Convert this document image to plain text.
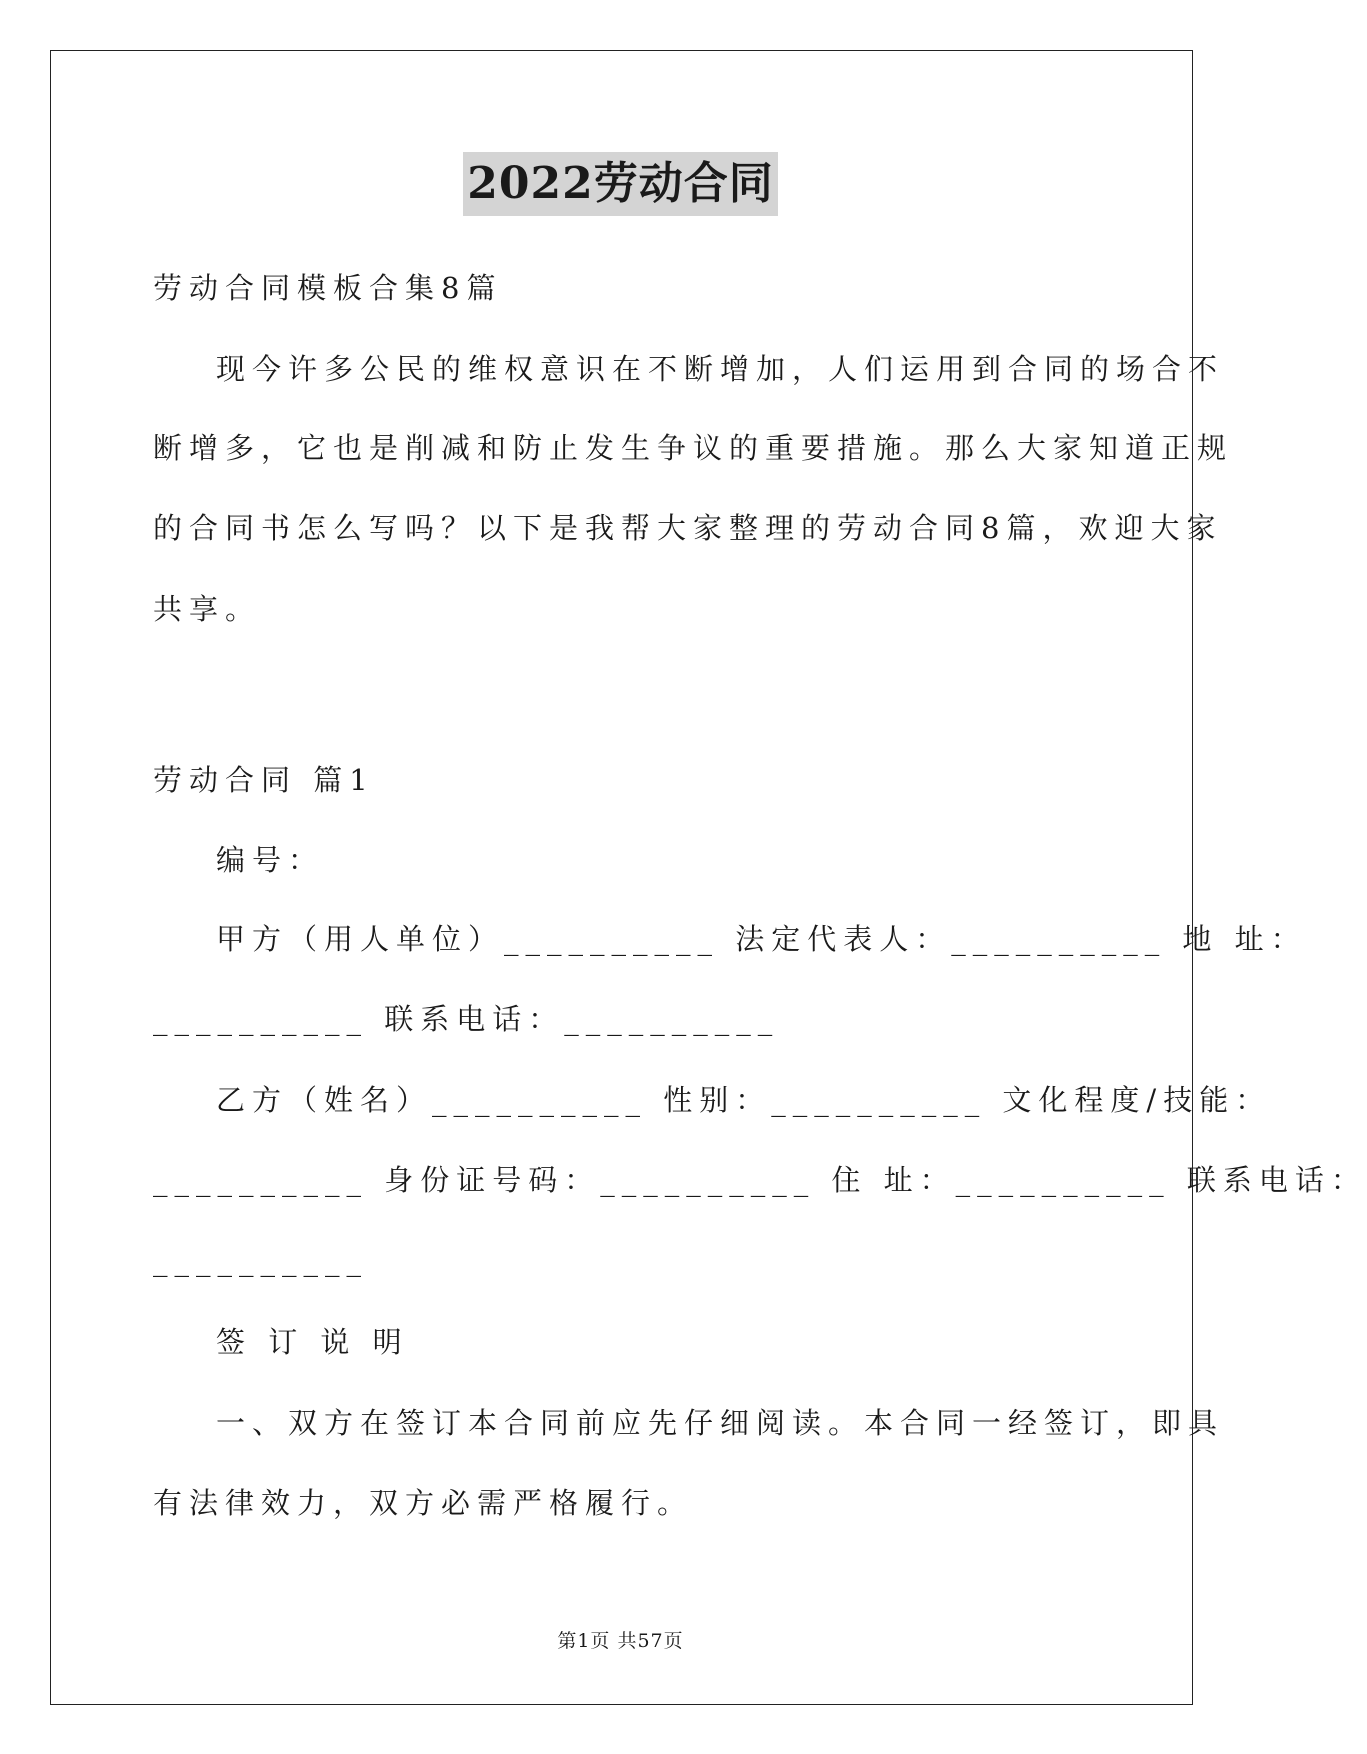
2022劳动合同
劳动合同模板合集8篇
现今许多公民的维权意识在不断增加，人们运用到合同的场合不
断增多，它也是削减和防止发生争议的重要措施。那么大家知道正规
的合同书怎么写吗？以下是我帮大家整理的劳动合同8篇，欢迎大家
共享。
劳动合同 篇1
编号：
甲方（用人单位）__________ 法定代表人：__________ 地 址：
__________ 联系电话：__________
乙方（姓名）__________ 性别：__________ 文化程度/技能：
__________ 身份证号码：__________ 住 址：__________ 联系电话：
__________
签 订 说 明
一、双方在签订本合同前应先仔细阅读。本合同一经签订，即具
有法律效力，双方必需严格履行。
第1页 共57页
